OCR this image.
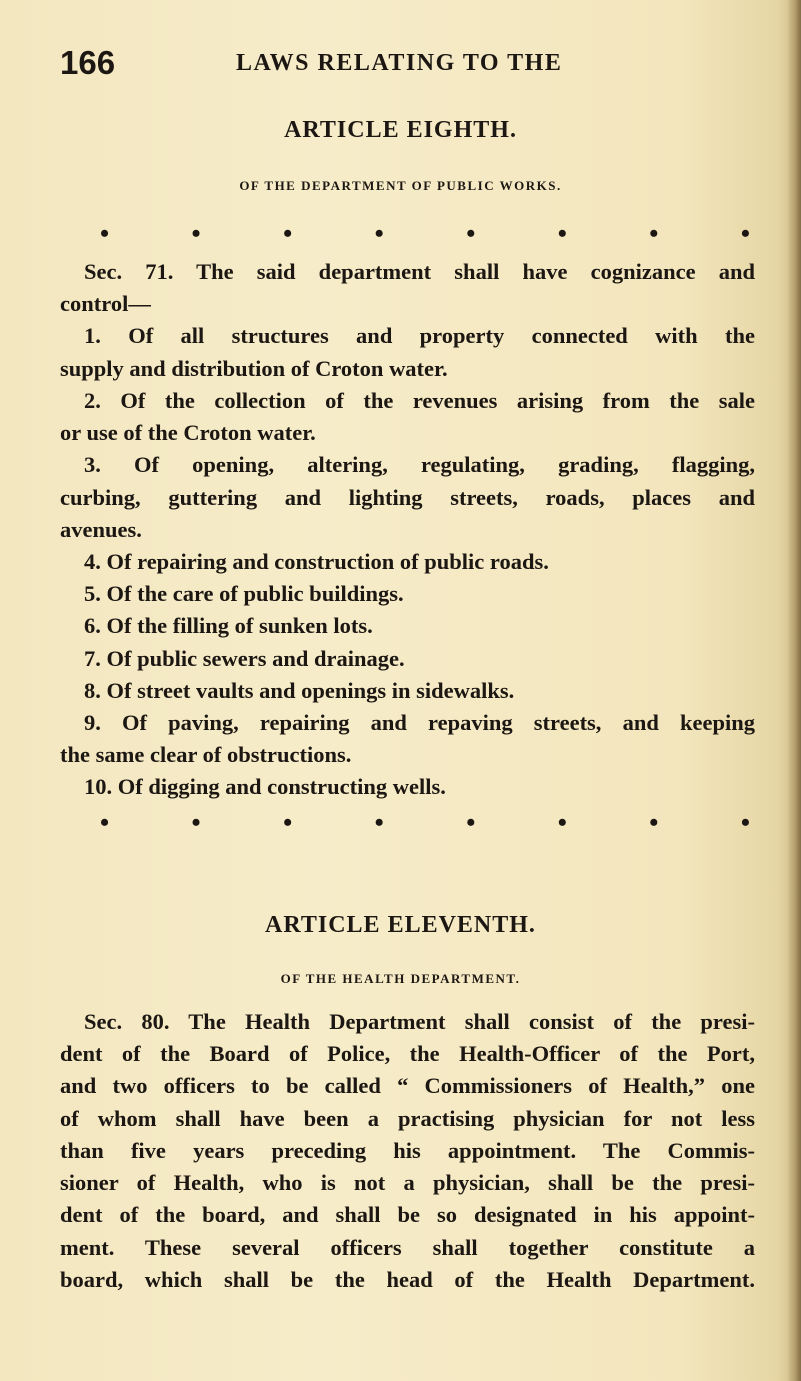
166	LAWS RELATING TO THE
ARTICLE EIGHTH.
OF THE DEPARTMENT OF PUBLIC WORKS.
•	•	•	•	•	•	•	•
Sec. 71. The said department shall have cognizance and
control—
1. Of all structures and property connected with the
supply and distribution of Croton water.
2. Of the collection of the revenues arising from the sale
or use of the Croton water.
3. Of opening, altering, regulating, grading, flagging,
curbing, guttering and lighting streets, roads, places and
avenues.
4. Of repairing and construction of public roads.
5. Of the care of public buildings.
6. Of the filling of sunken lots.
7. Of public sewers and drainage.
8. Of street vaults and openings in sidewalks.
9. Of paving, repairing and repaving streets, and keeping
the same clear of obstructions.
10. Of digging and constructing wells.
•	•	•	•	•	•	•	•
ARTICLE ELEVENTH.
OF THE HEALTH DEPARTMENT.
Sec. 80. The Health Department shall consist of the presi-
dent of the Board of Police, the Health-Officer of the Port,
and two officers to be called “ Commissioners of Health,” one
of whom shall have been a practising physician for not less
than five years preceding his appointment. The Commis-
sioner of Health, who is not a physician, shall be the presi-
dent of the board, and shall be so designated in his appoint-
ment. These several officers shall together constitute a
board, which shall be the head of the Health Department.
